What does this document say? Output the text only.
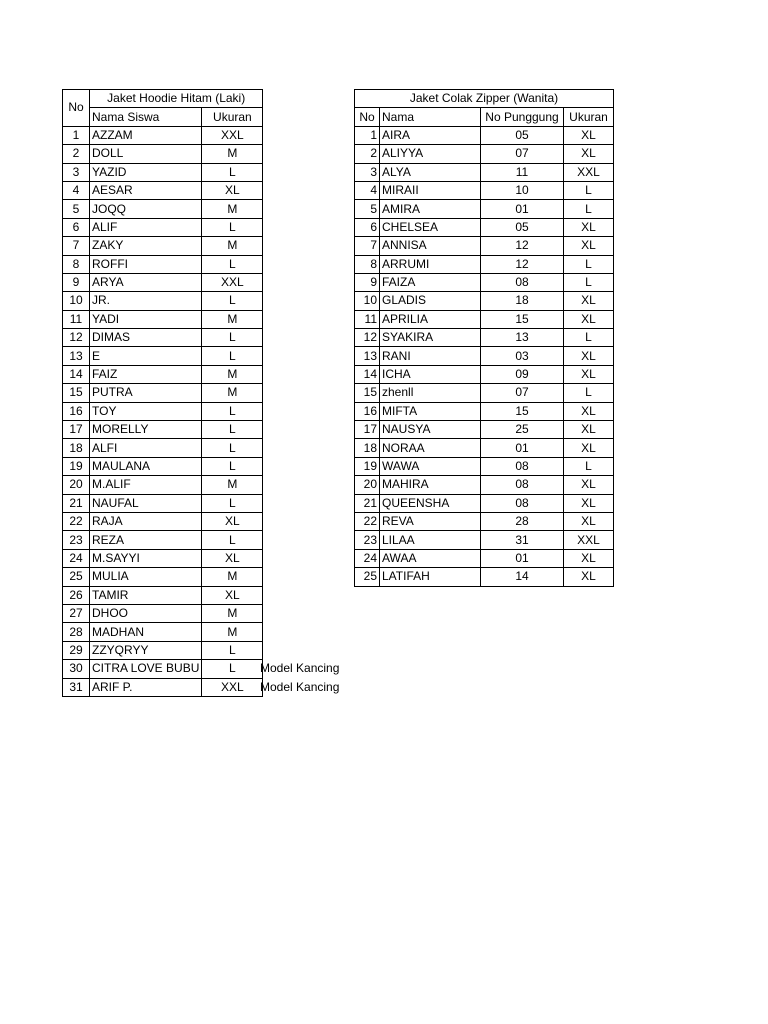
No	Jaket Hoodie Hitam (Laki)	
	Nama Siswa	Ukuran
1	AZZAM	XXL
2	DOLL	M
3	YAZID	L
4	AESAR	XL
5	JOQQ	M
6	ALIF	L
7	ZAKY	M
8	ROFFI	L
9	ARYA	XXL
10	JR.	L
11	YADI	M
12	DIMAS	L
13	E	L
14	FAIZ	M
15	PUTRA	M
16	TOY	L
17	MORELLY	L
18	ALFI	L
19	MAULANA	L
20	M.ALIF	M
21	NAUFAL	L
22	RAJA	XL
23	REZA	L
24	M.SAYYI	XL
25	MULIA	M
26	TAMIR	XL
27	DHOO	M
28	MADHAN	M
29	ZZYQRYY	L
30	CITRA LOVE BUBU	L
31	ARIF P.	XXL
Jaket Colak Zipper (Wanita)			
No	Nama	No Punggung	Ukuran
1	AIRA	05	XL
2	ALIYYA	07	XL
3	ALYA	11	XXL
4	MIRAII	10	L
5	AMIRA	01	L
6	CHELSEA	05	XL
7	ANNISA	12	XL
8	ARRUMI	12	L
9	FAIZA	08	L
10	GLADIS	18	XL
11	APRILIA	15	XL
12	SYAKIRA	13	L
13	RANI	03	XL
14	ICHA	09	XL
15	zhenll	07	L
16	MIFTA	15	XL
17	NAUSYA	25	XL
18	NORAA	01	XL
19	WAWA	08	L
20	MAHIRA	08	XL
21	QUEENSHA	08	XL
22	REVA	28	XL
23	LILAA	31	XXL
24	AWAA	01	XL
25	LATIFAH	14	XL
Model Kancing
Model Kancing
